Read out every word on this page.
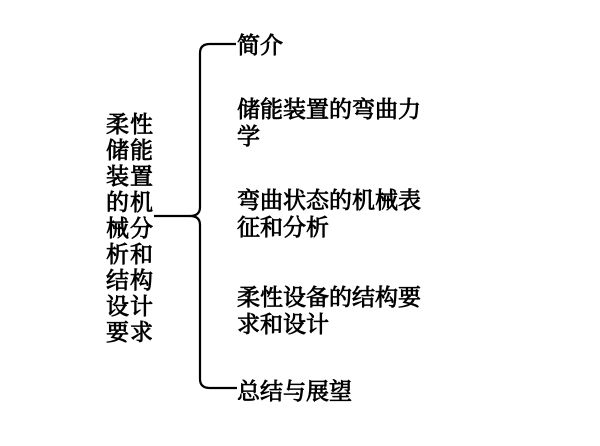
柔性
储能
装置
的机
械分
析和
结构
设计
要求
简介
储能装置的弯曲力
学
弯曲状态的机械表
征和分析
柔性设备的结构要
求和设计
总结与展望
